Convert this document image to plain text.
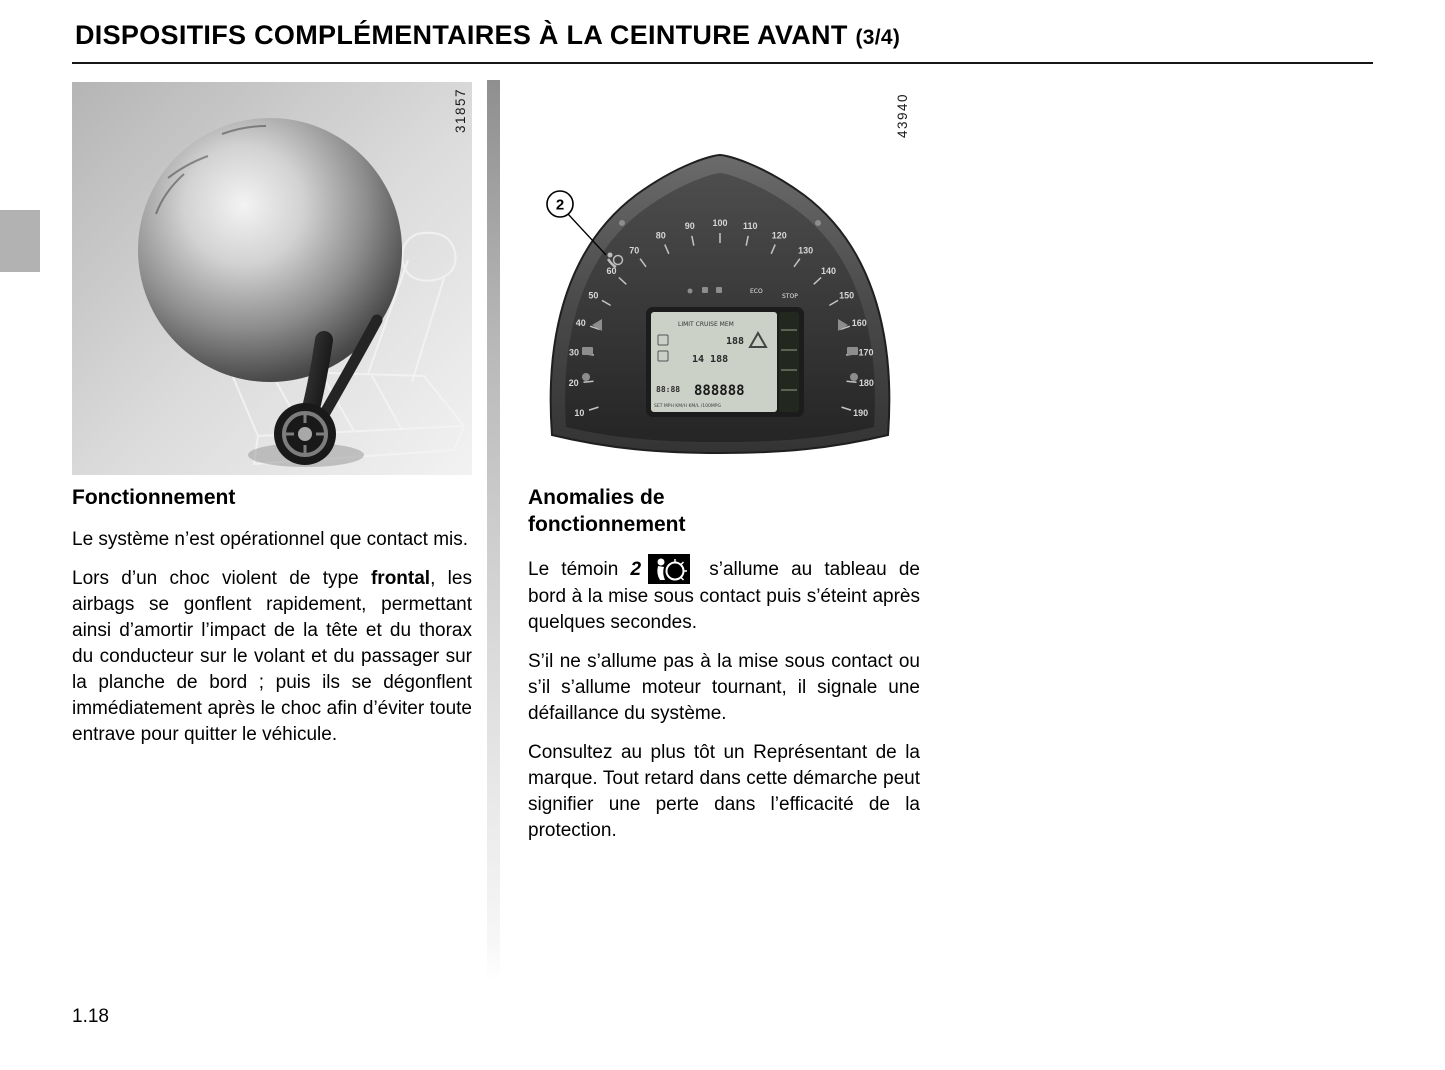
DISPOSITIFS COMPLÉMENTAIRES À LA CEINTURE AVANT (3/4)
31857
10
20
30
40
50
60
70
80
90 100 110
120
130
140
150
160
170
180
190
ECO
STOP
LIMIT CRUISE MEM
188
14 188
88:88 888888
SET MPH KM/H KM/L /100MPG
2
43940
Fonctionnement

Le système n’est opérationnel que contact mis.

Lors d’un choc violent de type frontal, les airbags se gonflent rapidement, permettant ainsi d’amortir l’impact de la tête et du thorax du conducteur sur le volant et du passager sur la planche de bord ; puis ils se dégonflent immédiatement après le choc afin d’éviter toute entrave pour quitter le véhicule.

Anomalies de fonctionnement

Le témoin 2	s’allume au tableau de bord à la mise sous contact puis s’éteint après quelques secondes.

S’il ne s’allume pas à la mise sous contact ou s’il s’allume moteur tournant, il signale une défaillance du système.

Consultez au plus tôt un Représentant de la marque. Tout retard dans cette démarche peut signifier une perte dans l’efficacité de la protection.

1.18
